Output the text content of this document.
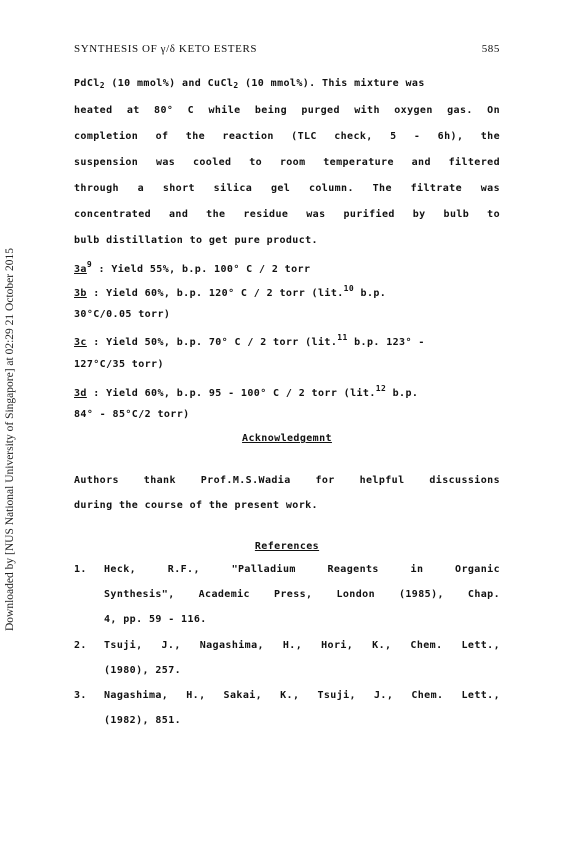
Downloaded by [NUS National University of Singapore] at 02:29 21 October 2015
SYNTHESIS OF γ/δ KETO ESTERS	585
PdCl$_2$ (10 mmol%) and CuCl$_2$ (10 mmol%). This mixture was
heated at 80° C while being purged with oxygen gas. On
completion of the reaction (TLC check, 5 - 6h), the
suspension was cooled to room temperature and filtered
through a short silica gel column. The filtrate was
concentrated and the residue was purified by bulb to
bulb distillation to get pure product.
$3a^9$ : Yield 55%, b.p. 100° C / 2 torr
3b : Yield 60%, b.p. 120° C / 2 torr (lit.$^{10}$ b.p.
30°C/0.05 torr)
3c : Yield 50%, b.p. 70° C / 2 torr (lit.$^{11}$ b.p. 123° -
127°C/35 torr)
3d : Yield 60%, b.p. 95 - 100° C / 2 torr (lit.$^{12}$ b.p.
84° - 85°C/2 torr)
Acknowledgemnt
Authors thank Prof.M.S.Wadia for helpful discussions
during the course of the present work.
References
1. Heck, R.F., "Palladium Reagents in Organic
Synthesis", Academic Press, London (1985), Chap.
4, pp. 59 - 116.
2. Tsuji, J., Nagashima, H., Hori, K., Chem. Lett.,
(1980), 257.
3. Nagashima, H., Sakai, K., Tsuji, J., Chem. Lett.,
(1982), 851.
